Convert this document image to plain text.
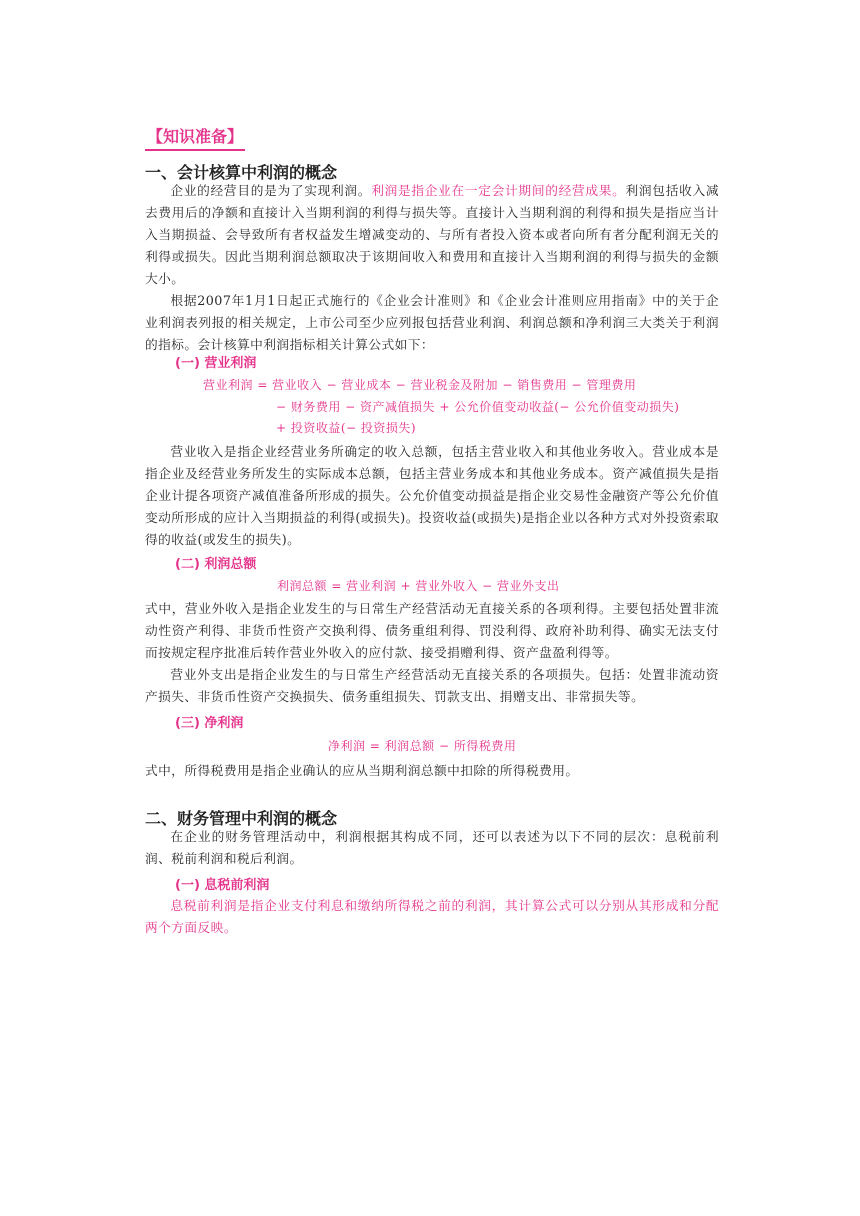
【知识准备】
一、会计核算中利润的概念
企业的经营目的是为了实现利润。利润是指企业在一定会计期间的经营成果。利润包括收入减去费用后的净额和直接计入当期利润的利得与损失等。直接计入当期利润的利得和损失是指应当计入当期损益、会导致所有者权益发生增减变动的、与所有者投入资本或者向所有者分配利润无关的利得或损失。因此当期利润总额取决于该期间收入和费用和直接计入当期利润的利得与损失的金额大小。
根据2007年1月1日起正式施行的《企业会计准则》和《企业会计准则应用指南》中的关于企业利润表列报的相关规定，上市公司至少应列报包括营业利润、利润总额和净利润三大类关于利润的指标。会计核算中利润指标相关计算公式如下：
(一) 营业利润
营业利润 = 营业收入 − 营业成本 − 营业税金及附加 − 销售费用 − 管理费用
− 财务费用 − 资产减值损失 + 公允价值变动收益(− 公允价值变动损失)
+ 投资收益(− 投资损失)
营业收入是指企业经营业务所确定的收入总额，包括主营业收入和其他业务收入。营业成本是指企业及经营业务所发生的实际成本总额，包括主营业务成本和其他业务成本。资产减值损失是指企业计提各项资产减值准备所形成的损失。公允价值变动损益是指企业交易性金融资产等公允价值变动所形成的应计入当期损益的利得(或损失)。投资收益(或损失)是指企业以各种方式对外投资索取得的收益(或发生的损失)。
(二) 利润总额
利润总额 = 营业利润 + 营业外收入 − 营业外支出
式中，营业外收入是指企业发生的与日常生产经营活动无直接关系的各项利得。主要包括处置非流动性资产利得、非货币性资产交换利得、债务重组利得、罚没利得、政府补助利得、确实无法支付而按规定程序批准后转作营业外收入的应付款、接受捐赠利得、资产盘盈利得等。
营业外支出是指企业发生的与日常生产经营活动无直接关系的各项损失。包括：处置非流动资产损失、非货币性资产交换损失、债务重组损失、罚款支出、捐赠支出、非常损失等。
(三) 净利润
净利润 = 利润总额 − 所得税费用
式中，所得税费用是指企业确认的应从当期利润总额中扣除的所得税费用。
二、财务管理中利润的概念
在企业的财务管理活动中，利润根据其构成不同，还可以表述为以下不同的层次：息税前利润、税前利润和税后利润。
(一) 息税前利润
息税前利润是指企业支付利息和缴纳所得税之前的利润，其计算公式可以分别从其形成和分配两个方面反映。
